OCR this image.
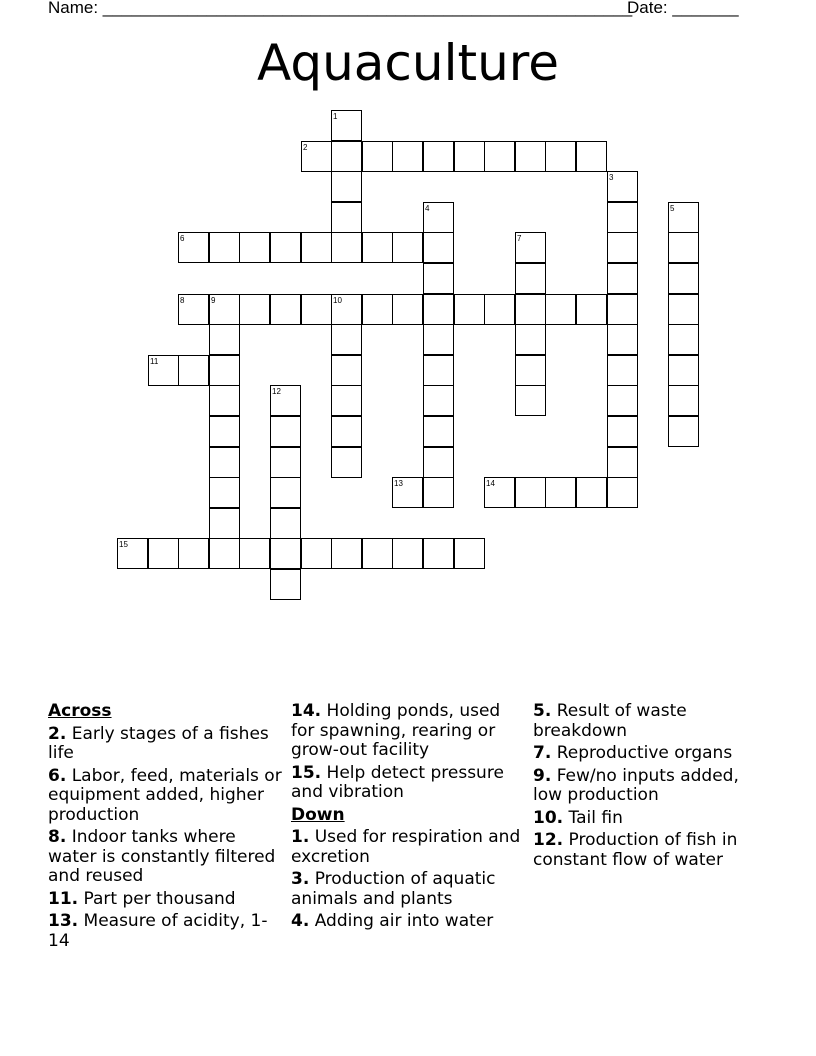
Name: ________________________________________________________
Date: _______
Aquaculture
1
2
3
4	5
6	7
8	9	10
11
12
13	14
15
Across
2. Early stages of a fishes life
6. Labor, feed, materials or equipment added, higher production
8. Indoor tanks where water is constantly filtered and reused
11. Part per thousand
13. Measure of acidity, 1-14
14. Holding ponds, used for spawning, rearing or grow-out facility
15. Help detect pressure and vibration
Down
1. Used for respiration and excretion
3. Production of aquatic animals and plants
4. Adding air into water
5. Result of waste breakdown
7. Reproductive organs
9. Few/no inputs added, low production
10. Tail fin
12. Production of fish in constant flow of water
